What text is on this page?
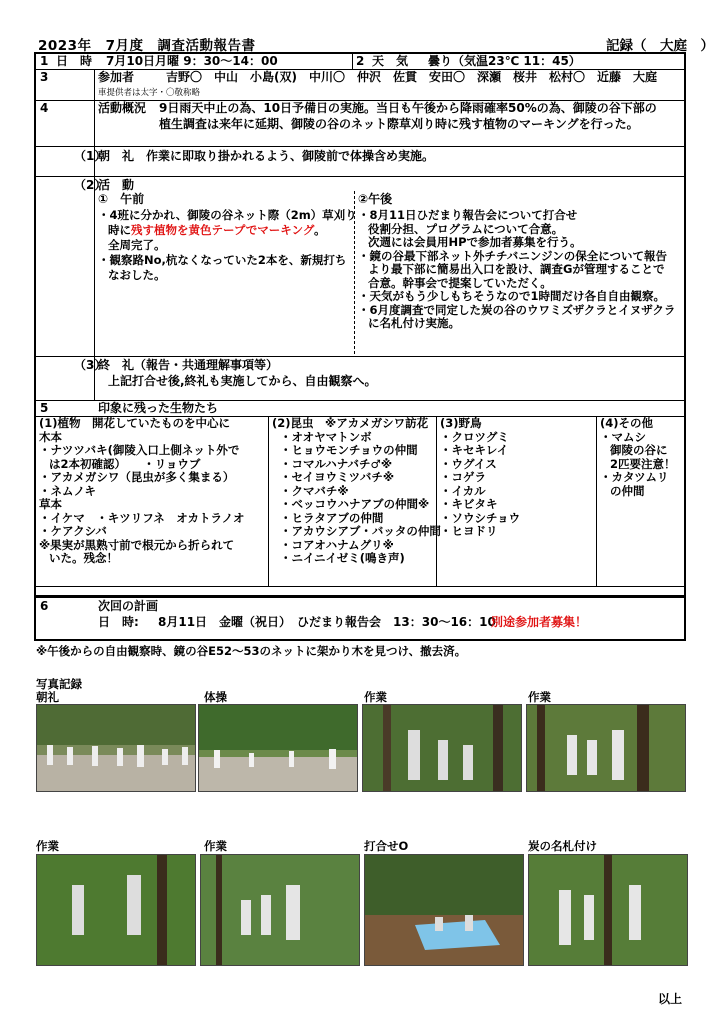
2023年　7月度　調査活動報告書	記録（　大庭　）
1 日　時 7月10日月曜 9：30～14：00	2 天　気 曇り（気温23℃ 11：45）
3	参加者	吉野〇　中山　小島(双)　中川〇　仲沢　佐貫　安田〇　深瀬　桜井　松村〇　近藤　大庭
車提供者は太字・〇敬称略
4	活動概況 9日雨天中止の為、10日予備日の実施。当日も午後から降雨確率50%の為、御陵の谷下部の
植生調査は来年に延期、御陵の谷のネット際草刈り時に残す植物のマーキングを行った。
（1）
朝　礼　作業に即取り掛かれるよう、御陵前で体操含め実施。
（2）
活　動
①　午前
・4班に分かれ、御陵の谷ネット際（2m）草刈り
時に残す植物を黄色テープでマーキング。
全周完了。
・観察路No,杭なくなっていた2本を、新規打ち
なおした。
②午後
・8月11日ひだまり報告会について打合せ
役割分担、プログラムについて合意。
次週には会員用HPで参加者募集を行う。
・鏡の谷最下部ネット外チチバニンジンの保全について報告
より最下部に簡易出入口を設け、調査Gが管理することで
合意。幹事会で提案していただく。
・天気がもう少しもちそうなので1時間だけ各自自由観察。
・6月度調査で同定した炭の谷のウワミズザクラとイヌザクラ
に名札付け実施。
（3）
終　礼（報告・共通理解事項等）
上記打合せ後,終礼も実施してから、自由観察へ。
5	印象に残った生物たち
(1)植物　開花していたものを中心に
木本
・ナツツバキ(御陵入口上側ネット外で
は2本初確認）　　・リョウブ
・アカメガシワ（昆虫が多く集まる）
・ネムノキ
草本
・イケマ　・キツリフネ　オカトラノオ
・ケアクシバ
※果実が黒熟寸前で根元から折られて
いた。残念！
(2)昆虫　※アカメガシワ訪花
・オオヤマトンボ
・ヒョウモンチョウの仲間
・コマルハナバチ♂※
・セイヨウミツバチ※
・クマバチ※
・ベッコウハナアブの仲間※
・ヒラタアブの仲間
・アカウシアブ・バッタの仲間
・コアオハナムグリ※
・ニイニイゼミ(鳴き声)
(3)野鳥
・クロツグミ
・キセキレイ
・ウグイス
・コゲラ
・イカル
・キビタキ
・ソウシチョウ
・ヒヨドリ
(4)その他
・マムシ
御陵の谷に
2匹要注意！
・カタツムリ
の仲間
6	次回の計画
日　時: 8月11日　金曜（祝日）　ひだまり報告会　13：30～16：10
別途参加者募集！
※午後からの自由観察時、鏡の谷E52～53のネットに架かり木を見つけ、撤去済。
写真記録
朝礼	体操	作業	作業
作業	作業	打合せO	炭の名札付け
以上
